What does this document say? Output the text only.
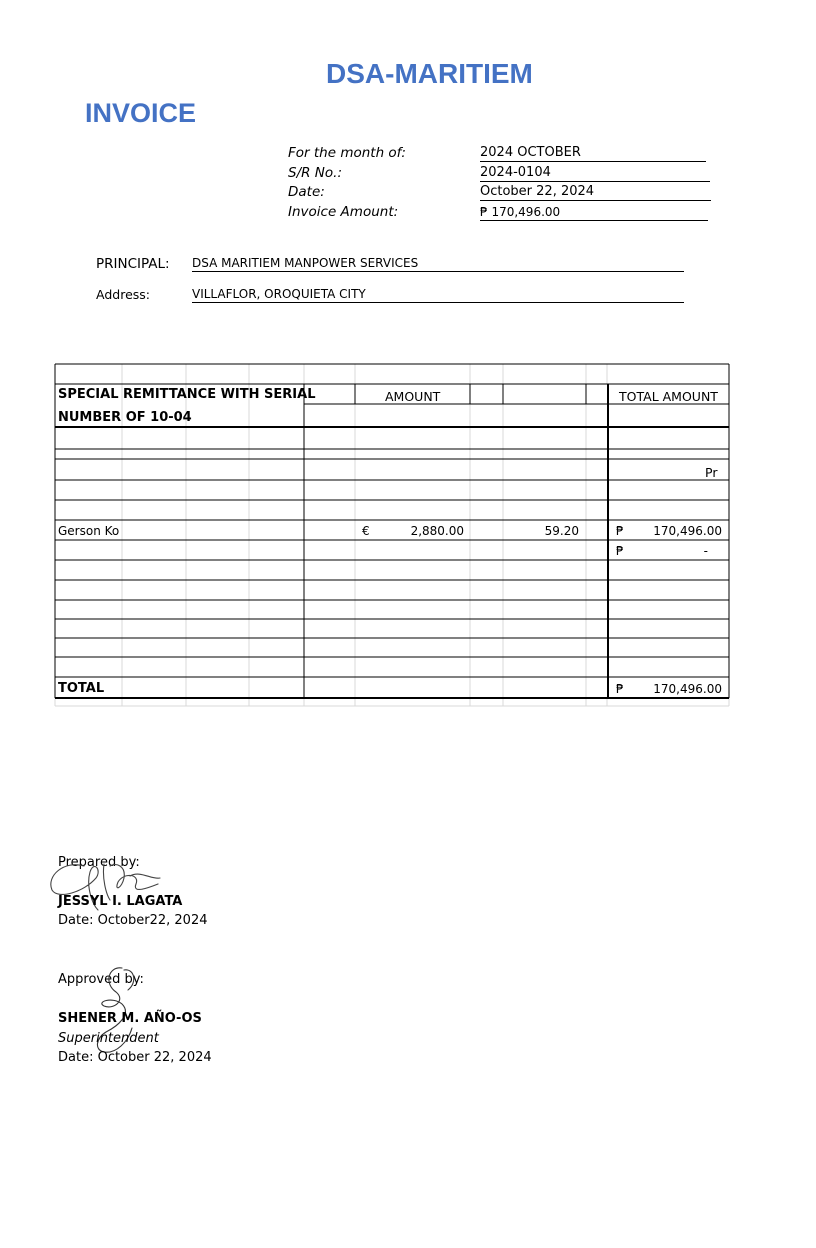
DSA-MARITIEM
INVOICE
For the month of:	2024 OCTOBER
S/R No.:	2024-0104
Date:	October 22, 2024
Invoice Amount:	₱ 170,496.00
PRINCIPAL: DSA MARITIEM MANPOWER SERVICES
Address:	VILLAFLOR, OROQUIETA CITY
SPECIAL REMITTANCE WITH SERIAL
NUMBER OF 10-04
AMOUNT	TOTAL AMOUNT
Pr
Gerson Ko	€	2,880.00	59.20	₱	170,496.00
₱	-
TOTAL	₱	170,496.00
Prepared by:
JESSYL I. LAGATA
Date: October22, 2024
Approved by:
SHENER M. AÑO-OS
Superintendent
Date: October 22, 2024
